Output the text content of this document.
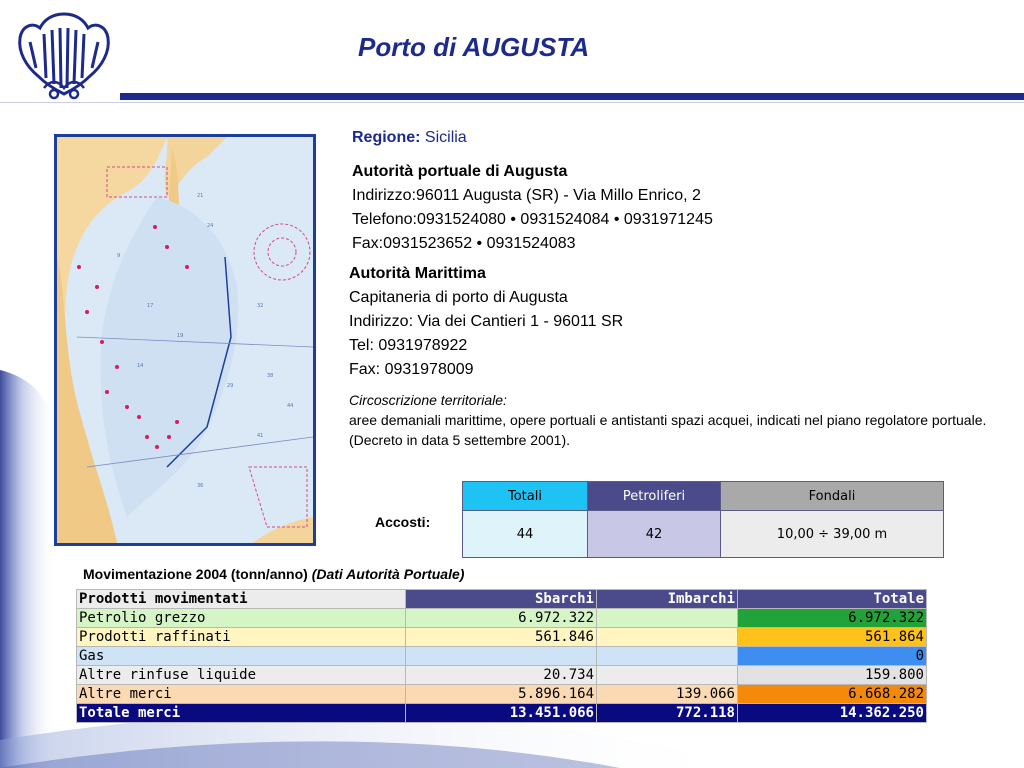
Porto di AUGUSTA
21
24
17
19
32
38
29
14
41
36
44
9
Regione: Sicilia
Autorità portuale di Augusta
Indirizzo:96011 Augusta (SR) - Via Millo Enrico, 2
Telefono:0931524080 • 0931524084 • 0931971245
Fax:0931523652 • 0931524083
Autorità Marittima
Capitaneria di porto di Augusta
Indirizzo: Via dei Cantieri 1 - 96011 SR
Tel: 0931978922
Fax: 0931978009
Circoscrizione territoriale:
aree demaniali marittime, opere portuali e antistanti spazi acquei, indicati nel piano regolatore portuale.
(Decreto in data 5 settembre 2001).
Accosti:
Totali	Petroliferi	Fondali
44	42	10,00 ÷ 39,00 m
Movimentazione 2004 (tonn/anno) (Dati Autorità Portuale)
Prodotti movimentati	Sbarchi	Imbarchi	Totale
Petrolio grezzo	6.972.322		6.972.322
Prodotti raffinati	561.846		561.864
Gas			0
Altre rinfuse liquide	20.734		159.800
Altre merci	5.896.164	139.066	6.668.282
Totale merci	13.451.066	772.118	14.362.250
